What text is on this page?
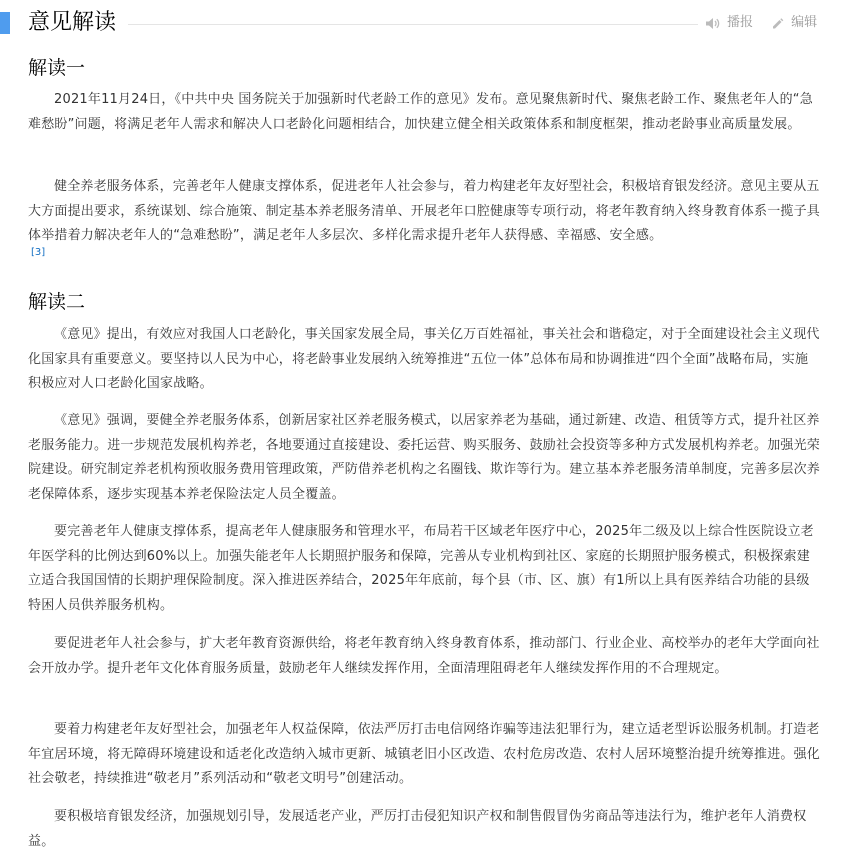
意见解读	播报
	编辑
解读一

2021年11月24日，《中共中央 国务院关于加强新时代老龄工作的意见》发布。意见聚焦新时代、聚焦老龄工作、聚焦老年人的“急难愁盼”问题，将满足老年人需求和解决人口老龄化问题相结合，加快建立健全相关政策体系和制度框架，推动老龄事业高质量发展。

健全养老服务体系，完善老年人健康支撑体系，促进老年人社会参与，着力构建老年友好型社会，积极培育银发经济。意见主要从五大方面提出要求，系统谋划、综合施策、制定基本养老服务清单、开展老年口腔健康等专项行动，将老年教育纳入终身教育体系一揽子具体举措着力解决老年人的“急难愁盼”，满足老年人多层次、多样化需求提升老年人获得感、幸福感、安全感。

[3]
解读二

《意见》提出，有效应对我国人口老龄化，事关国家发展全局，事关亿万百姓福祉，事关社会和谐稳定，对于全面建设社会主义现代化国家具有重要意义。要坚持以人民为中心，将老龄事业发展纳入统筹推进“五位一体”总体布局和协调推进“四个全面”战略布局，实施积极应对人口老龄化国家战略。

《意见》强调，要健全养老服务体系，创新居家社区养老服务模式，以居家养老为基础，通过新建、改造、租赁等方式，提升社区养老服务能力。进一步规范发展机构养老，各地要通过直接建设、委托运营、购买服务、鼓励社会投资等多种方式发展机构养老。加强光荣院建设。研究制定养老机构预收服务费用管理政策，严防借养老机构之名圈钱、欺诈等行为。建立基本养老服务清单制度，完善多层次养老保障体系，逐步实现基本养老保险法定人员全覆盖。

要完善老年人健康支撑体系，提高老年人健康服务和管理水平，布局若干区域老年医疗中心，2025年二级及以上综合性医院设立老年医学科的比例达到60%以上。加强失能老年人长期照护服务和保障，完善从专业机构到社区、家庭的长期照护服务模式，积极探索建立适合我国国情的长期护理保险制度。深入推进医养结合，2025年年底前，每个县（市、区、旗）有1所以上具有医养结合功能的县级特困人员供养服务机构。

要促进老年人社会参与，扩大老年教育资源供给，将老年教育纳入终身教育体系，推动部门、行业企业、高校举办的老年大学面向社会开放办学。提升老年文化体育服务质量，鼓励老年人继续发挥作用，全面清理阻碍老年人继续发挥作用的不合理规定。

要着力构建老年友好型社会，加强老年人权益保障，依法严厉打击电信网络诈骗等违法犯罪行为，建立适老型诉讼服务机制。打造老年宜居环境，将无障碍环境建设和适老化改造纳入城市更新、城镇老旧小区改造、农村危房改造、农村人居环境整治提升统筹推进。强化社会敬老，持续推进“敬老月”系列活动和“敬老文明号”创建活动。

要积极培育银发经济，加强规划引导，发展适老产业，严厉打击侵犯知识产权和制售假冒伪劣商品等违法行为，维护老年人消费权益。
